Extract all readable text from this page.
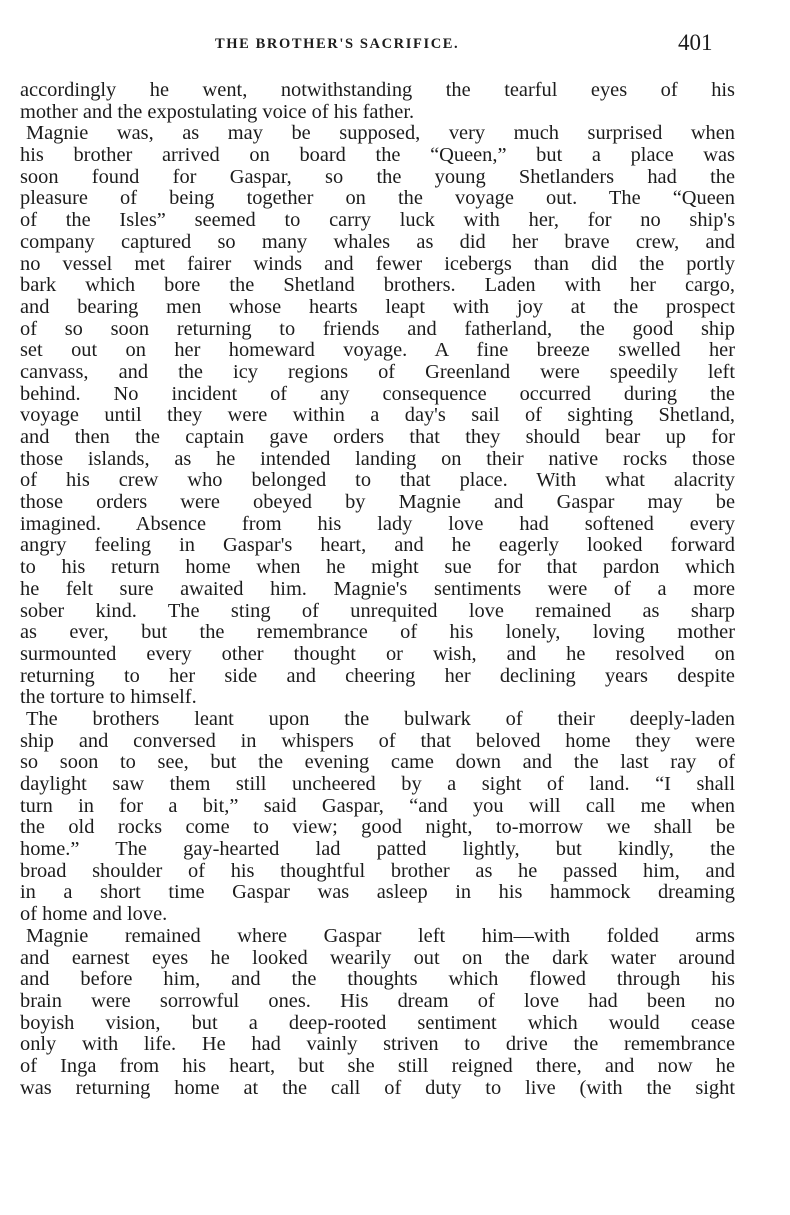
THE BROTHER'S SACRIFICE.	401
accordingly he went, notwithstanding the tearful eyes of his
mother and the expostulating voice of his father.
Magnie was, as may be supposed, very much surprised when
his brother arrived on board the “Queen,” but a place was
soon found for Gaspar, so the young Shetlanders had the
pleasure of being together on the voyage out. The “Queen
of the Isles” seemed to carry luck with her, for no ship's
company captured so many whales as did her brave crew, and
no vessel met fairer winds and fewer icebergs than did the portly
bark which bore the Shetland brothers. Laden with her cargo,
and bearing men whose hearts leapt with joy at the prospect
of so soon returning to friends and fatherland, the good ship
set out on her homeward voyage. A fine breeze swelled her
canvass, and the icy regions of Greenland were speedily left
behind. No incident of any consequence occurred during the
voyage until they were within a day's sail of sighting Shetland,
and then the captain gave orders that they should bear up for
those islands, as he intended landing on their native rocks those
of his crew who belonged to that place. With what alacrity
those orders were obeyed by Magnie and Gaspar may be
imagined. Absence from his lady love had softened every
angry feeling in Gaspar's heart, and he eagerly looked forward
to his return home when he might sue for that pardon which
he felt sure awaited him. Magnie's sentiments were of a more
sober kind. The sting of unrequited love remained as sharp
as ever, but the remembrance of his lonely, loving mother
surmounted every other thought or wish, and he resolved on
returning to her side and cheering her declining years despite
the torture to himself.
The brothers leant upon the bulwark of their deeply-laden
ship and conversed in whispers of that beloved home they were
so soon to see, but the evening came down and the last ray of
daylight saw them still uncheered by a sight of land. “I shall
turn in for a bit,” said Gaspar, “and you will call me when
the old rocks come to view; good night, to-morrow we shall be
home.” The gay-hearted lad patted lightly, but kindly, the
broad shoulder of his thoughtful brother as he passed him, and
in a short time Gaspar was asleep in his hammock dreaming
of home and love.
Magnie remained where Gaspar left him—with folded arms
and earnest eyes he looked wearily out on the dark water around
and before him, and the thoughts which flowed through his
brain were sorrowful ones. His dream of love had been no
boyish vision, but a deep-rooted sentiment which would cease
only with life. He had vainly striven to drive the remembrance
of Inga from his heart, but she still reigned there, and now he
was returning home at the call of duty to live (with the sight
